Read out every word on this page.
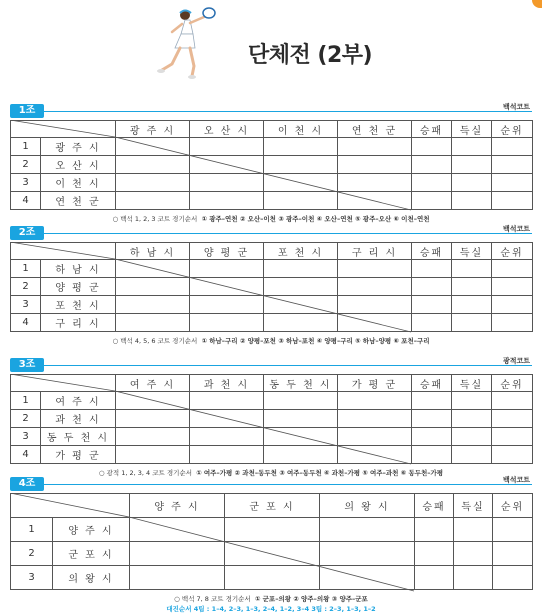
단체전 (2부)
1조	백석코트
		광 주 시	오 산 시	이 천 시	연 천 군	승패	득실	순위
1	광 주 시							
2	오 산 시							
3	이 천 시							
4	연 천 군							
○ 백석 1, 2, 3 코트 경기순서 ① 광주–연천 ② 오산–이천 ③ 광주–이천 ④ 오산–연천 ⑤ 광주–오산 ⑥ 이천–연천
2조	백석코트
		하 남 시	양 평 군	포 천 시	구 리 시	승패	득실	순위
1	하 남 시							
2	양 평 군							
3	포 천 시							
4	구 리 시							
○ 백석 4, 5, 6 코트 경기순서 ① 하남–구리 ② 양평–포천 ③ 하남–포천 ④ 양평–구리 ⑤ 하남–양평 ⑥ 포천–구리
3조	광적코트
		여 주 시	과 천 시	동 두 천 시	가 평 군	승패	득실	순위
1	여 주 시							
2	과 천 시							
3	동 두 천 시							
4	가 평 군							
○ 광적 1, 2, 3, 4 코트 경기순서 ① 여주–가평 ② 과천–동두천 ③ 여주–동두천 ④ 과천–가평 ⑤ 여주–과천 ⑥ 동두천–가평
4조	백석코트
		양 주 시	군 포 시	의 왕 시	승패	득실	순위
1	양 주 시						
2	군 포 시						
3	의 왕 시						
○ 백석 7, 8 코트 경기순서 ① 군포–의왕 ② 양주–의왕 ③ 양주–군포
대진순서 4팀 : 1–4, 2–3, 1–3, 2–4, 1–2, 3–4 3팀 : 2–3, 1–3, 1–2
